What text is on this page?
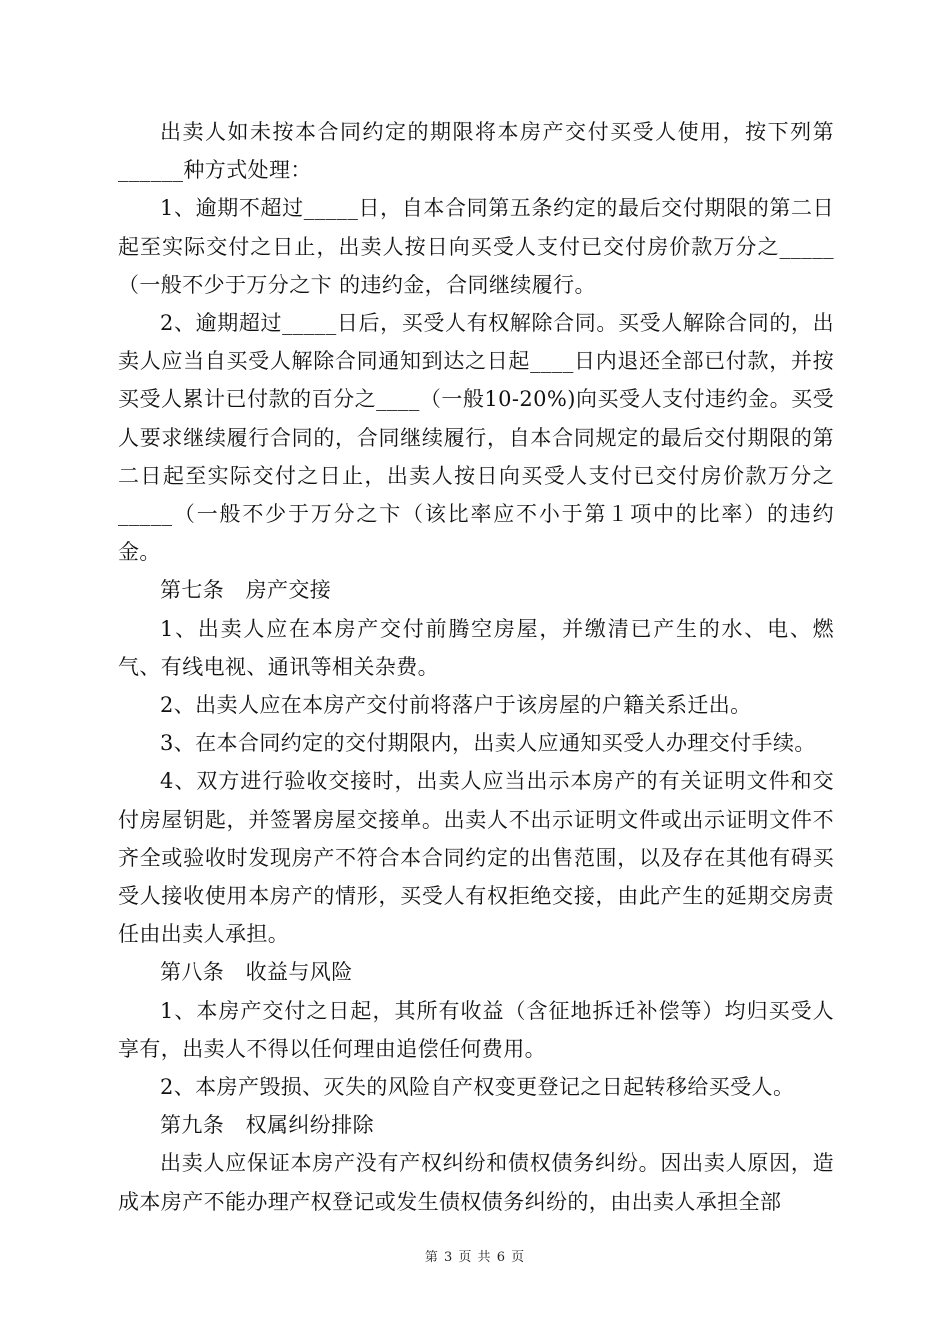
出卖人如未按本合同约定的期限将本房产交付买受人使用，按下列第______种方式处理：

1、逾期不超过_____日，自本合同第五条约定的最后交付期限的第二日起至实际交付之日止，出卖人按日向买受人支付已交付房价款万分之_____（一般不少于万分之卞 的违约金，合同继续履行。

2、逾期超过_____日后，买受人有权解除合同。买受人解除合同的，出卖人应当自买受人解除合同通知到达之日起____日内退还全部已付款，并按买受人累计已付款的百分之____（一般10-20%)向买受人支付违约金。买受人要求继续履行合同的，合同继续履行，自本合同规定的最后交付期限的第二日起至实际交付之日止，出卖人按日向买受人支付已交付房价款万分之_____（一般不少于万分之卞（该比率应不小于第１项中的比率）的违约金。

第七条　房产交接

1、出卖人应在本房产交付前腾空房屋，并缴清已产生的水、电、燃气、有线电视、通讯等相关杂费。

2、出卖人应在本房产交付前将落户于该房屋的户籍关系迁出。

3、在本合同约定的交付期限内，出卖人应通知买受人办理交付手续。

4、双方进行验收交接时，出卖人应当出示本房产的有关证明文件和交付房屋钥匙，并签署房屋交接单。出卖人不出示证明文件或出示证明文件不齐全或验收时发现房产不符合本合同约定的出售范围，以及存在其他有碍买受人接收使用本房产的情形，买受人有权拒绝交接，由此产生的延期交房责任由出卖人承担。

第八条　收益与风险

1、本房产交付之日起，其所有收益（含征地拆迁补偿等）均归买受人享有，出卖人不得以任何理由追偿任何费用。

2、本房产毁损、灭失的风险自产权变更登记之日起转移给买受人。

第九条　权属纠纷排除

出卖人应保证本房产没有产权纠纷和债权债务纠纷。因出卖人原因，造成本房产不能办理产权登记或发生债权债务纠纷的，由出卖人承担全部

第 3 页 共 6 页
